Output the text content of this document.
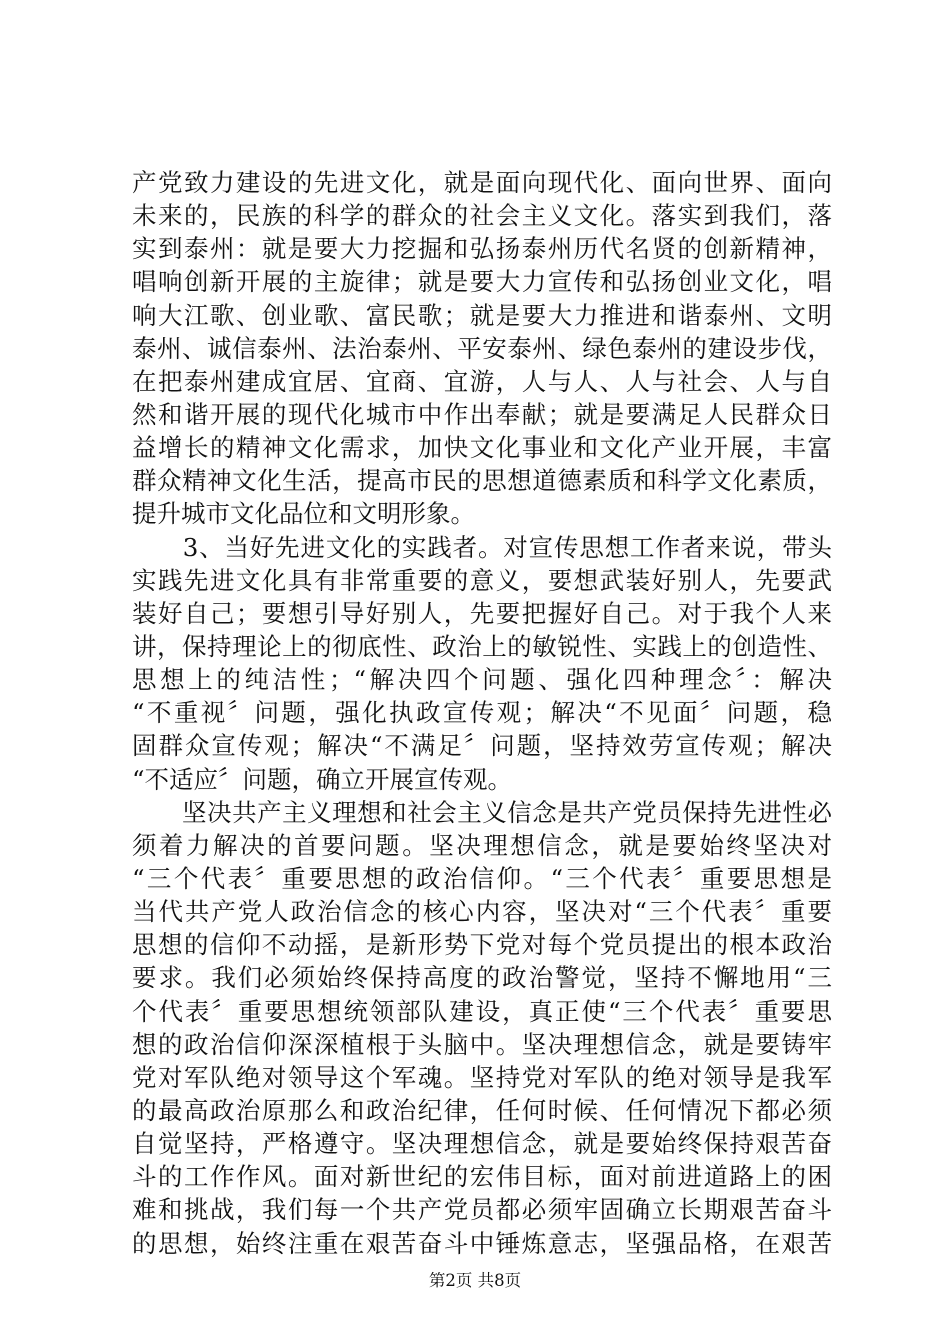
产党致力建设的先进文化，就是面向现代化、面向世界、面向
未来的，民族的科学的群众的社会主义文化。落实到我们，落
实到泰州：就是要大力挖掘和弘扬泰州历代名贤的创新精神，
唱响创新开展的主旋律；就是要大力宣传和弘扬创业文化，唱
响大江歌、创业歌、富民歌；就是要大力推进和谐泰州、文明
泰州、诚信泰州、法治泰州、平安泰州、绿色泰州的建设步伐，
在把泰州建成宜居、宜商、宜游，人与人、人与社会、人与自
然和谐开展的现代化城市中作出奉献；就是要满足人民群众日
益增长的精神文化需求，加快文化事业和文化产业开展，丰富
群众精神文化生活，提高市民的思想道德素质和科学文化素质，
提升城市文化品位和文明形象。
　　3、当好先进文化的实践者。对宣传思想工作者来说，带头
实践先进文化具有非常重要的意义，要想武装好别人，先要武
装好自己；要想引导好别人，先要把握好自己。对于我个人来
讲，保持理论上的彻底性、政治上的敏锐性、实践上的创造性、
思想上的纯洁性；“解决四个问题、强化四种理念〞：解决
“不重视〞问题，强化执政宣传观；解决“不见面〞问题，稳
固群众宣传观；解决“不满足〞问题，坚持效劳宣传观；解决
“不适应〞问题，确立开展宣传观。
　　坚决共产主义理想和社会主义信念是共产党员保持先进性必
须着力解决的首要问题。坚决理想信念，就是要始终坚决对
“三个代表〞重要思想的政治信仰。“三个代表〞重要思想是
当代共产党人政治信念的核心内容，坚决对“三个代表〞重要
思想的信仰不动摇，是新形势下党对每个党员提出的根本政治
要求。我们必须始终保持高度的政治警觉，坚持不懈地用“三
个代表〞重要思想统领部队建设，真正使“三个代表〞重要思
想的政治信仰深深植根于头脑中。坚决理想信念，就是要铸牢
党对军队绝对领导这个军魂。坚持党对军队的绝对领导是我军
的最高政治原那么和政治纪律，任何时候、任何情况下都必须
自觉坚持，严格遵守。坚决理想信念，就是要始终保持艰苦奋
斗的工作作风。面对新世纪的宏伟目标，面对前进道路上的困
难和挑战，我们每一个共产党员都必须牢固确立长期艰苦奋斗
的思想，始终注重在艰苦奋斗中锤炼意志，坚强品格，在艰苦
第2页 共8页
